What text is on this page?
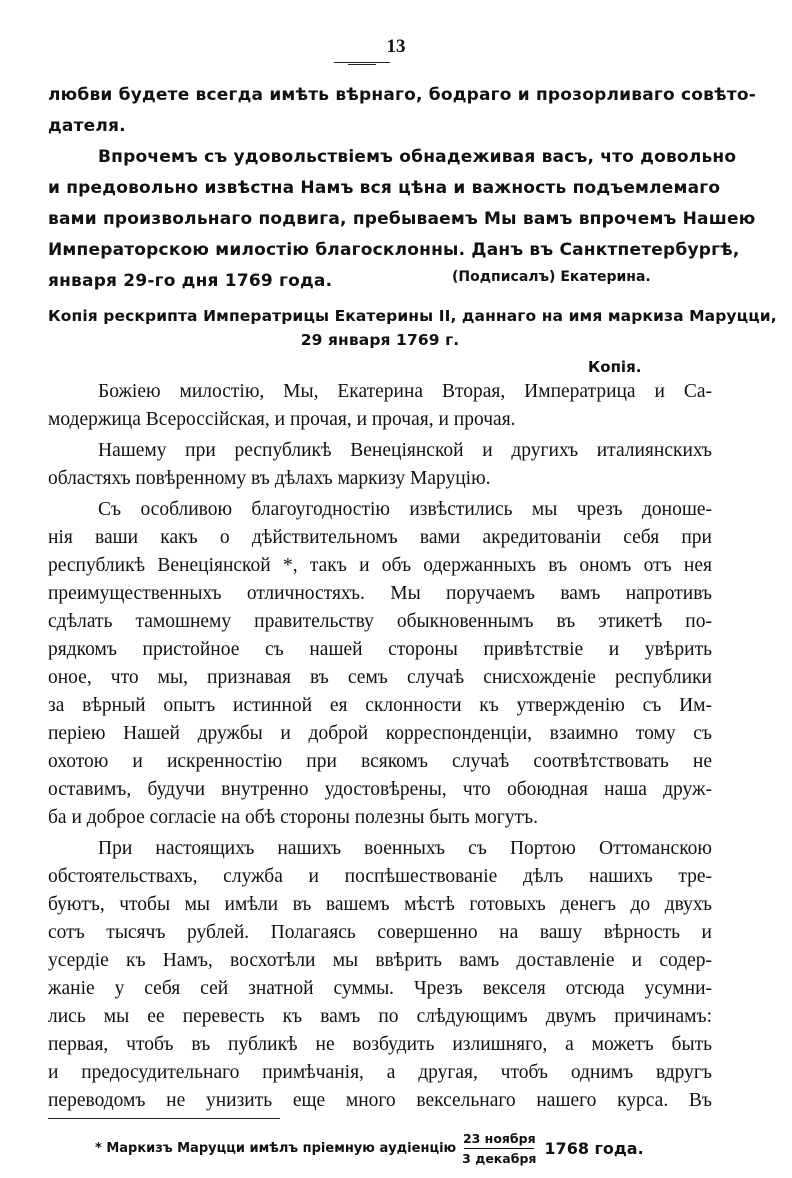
13
любви будете всегда имѣть вѣрнаго, бодраго и прозорливаго совѣто-
дателя.
Впрочемъ съ удовольствіемъ обнадеживая васъ, что довольно
и предовольно извѣстна Намъ вся цѣна и важность подъемлемаго
вами произвольнаго подвига, пребываемъ Мы вамъ впрочемъ Нашею
Императорскою милостію благосклонны. Данъ въ Санктпетербургѣ,
января 29-го дня 1769 года.	(Подписалъ) Екатерина.
Копія рескрипта Императрицы Екатерины II, даннаго на имя маркиза Маруцци,
29 января 1769 г.
Копія.
Божіею милостію, Мы, Екатерина Вторая, Императрица и Са-
модержица Всероссійская, и прочая, и прочая, и прочая.
Нашему при республикѣ Венеціянской и другихъ италиянскихъ
областяхъ повѣренному въ дѣлахъ маркизу Маруцію.
Съ особливою благоугодностію извѣстились мы чрезъ доноше-
нія ваши какъ о дѣйствительномъ вами акредитованіи себя при
республикѣ Венеціянской *, такъ и объ одержанныхъ въ ономъ отъ нея
преимущественныхъ отличностяхъ. Мы поручаемъ вамъ напротивъ
сдѣлать тамошнему правительству обыкновеннымъ въ этикетѣ по-
рядкомъ пристойное съ нашей стороны привѣтствіе и увѣрить
оное, что мы, признавая въ семъ случаѣ снисхожденіе республики
за вѣрный опытъ истинной ея склонности къ утвержденію съ Им-
періею Нашей дружбы и доброй корреспонденціи, взаимно тому съ
охотою и искренностію при всякомъ случаѣ соотвѣтствовать не
оставимъ, будучи внутренно удостовѣрены, что обоюдная наша друж-
ба и доброе согласіе на обѣ стороны полезны быть могутъ.
При настоящихъ нашихъ военныхъ съ Портою Оттоманскою
обстоятельствахъ, служба и поспѣшествованіе дѣлъ нашихъ тре-
буютъ, чтобы мы имѣли въ вашемъ мѣстѣ готовыхъ денегъ до двухъ
сотъ тысячъ рублей. Полагаясь совершенно на вашу вѣрность и
усердіе къ Намъ, восхотѣли мы ввѣрить вамъ доставленіе и содер-
жаніе у себя сей знатной суммы. Чрезъ векселя отсюда усумни-
лись мы ее перевесть къ вамъ по слѣдующимъ двумъ причинамъ:
первая, чтобъ въ публикѣ не возбудить излишняго, а можетъ быть
и предосудительнаго примѣчанія, а другая, чтобъ однимъ вдругъ
переводомъ не унизить еще много вексельнаго нашего курса. Въ
* Маркизъ Маруцци имѣлъ пріемную аудіенцію $\frac{\text{23 ноября}}{\text{3 декабря}} 1768$ года.
